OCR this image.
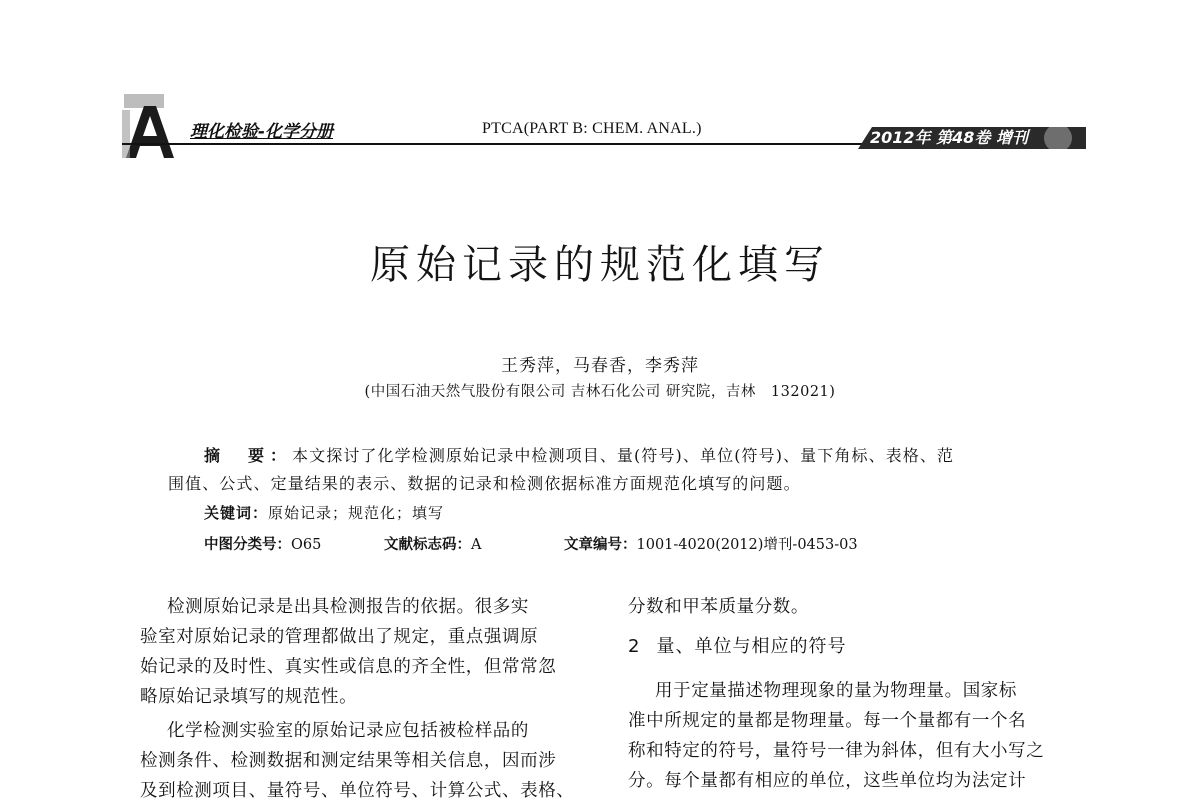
理化检验-化学分册	PTCA(PART B: CHEM. ANAL.)	2012年 第48卷 增刊
原始记录的规范化填写
王秀萍，马春香，李秀萍
(中国石油天然气股份有限公司 吉林石化公司 研究院，吉林　132021)
摘　要：本文探讨了化学检测原始记录中检测项目、量(符号)、单位(符号)、量下角标、表格、范
围值、公式、定量结果的表示、数据的记录和检测依据标准方面规范化填写的问题。
关键词：原始记录；规范化；填写
中图分类号：O65	文献标志码：A	文章编号：1001-4020(2012)增刊-0453-03
检测原始记录是出具检测报告的依据。很多实
验室对原始记录的管理都做出了规定，重点强调原
始记录的及时性、真实性或信息的齐全性，但常常忽
略原始记录填写的规范性。
化学检测实验室的原始记录应包括被检样品的
检测条件、检测数据和测定结果等相关信息，因而涉
及到检测项目、量符号、单位符号、计算公式、表格、
分数和甲苯质量分数。
2 量、单位与相应的符号
用于定量描述物理现象的量为物理量。国家标
准中所规定的量都是物理量。每一个量都有一个名
称和特定的符号，量符号一律为斜体，但有大小写之
分。每个量都有相应的单位，这些单位均为法定计
